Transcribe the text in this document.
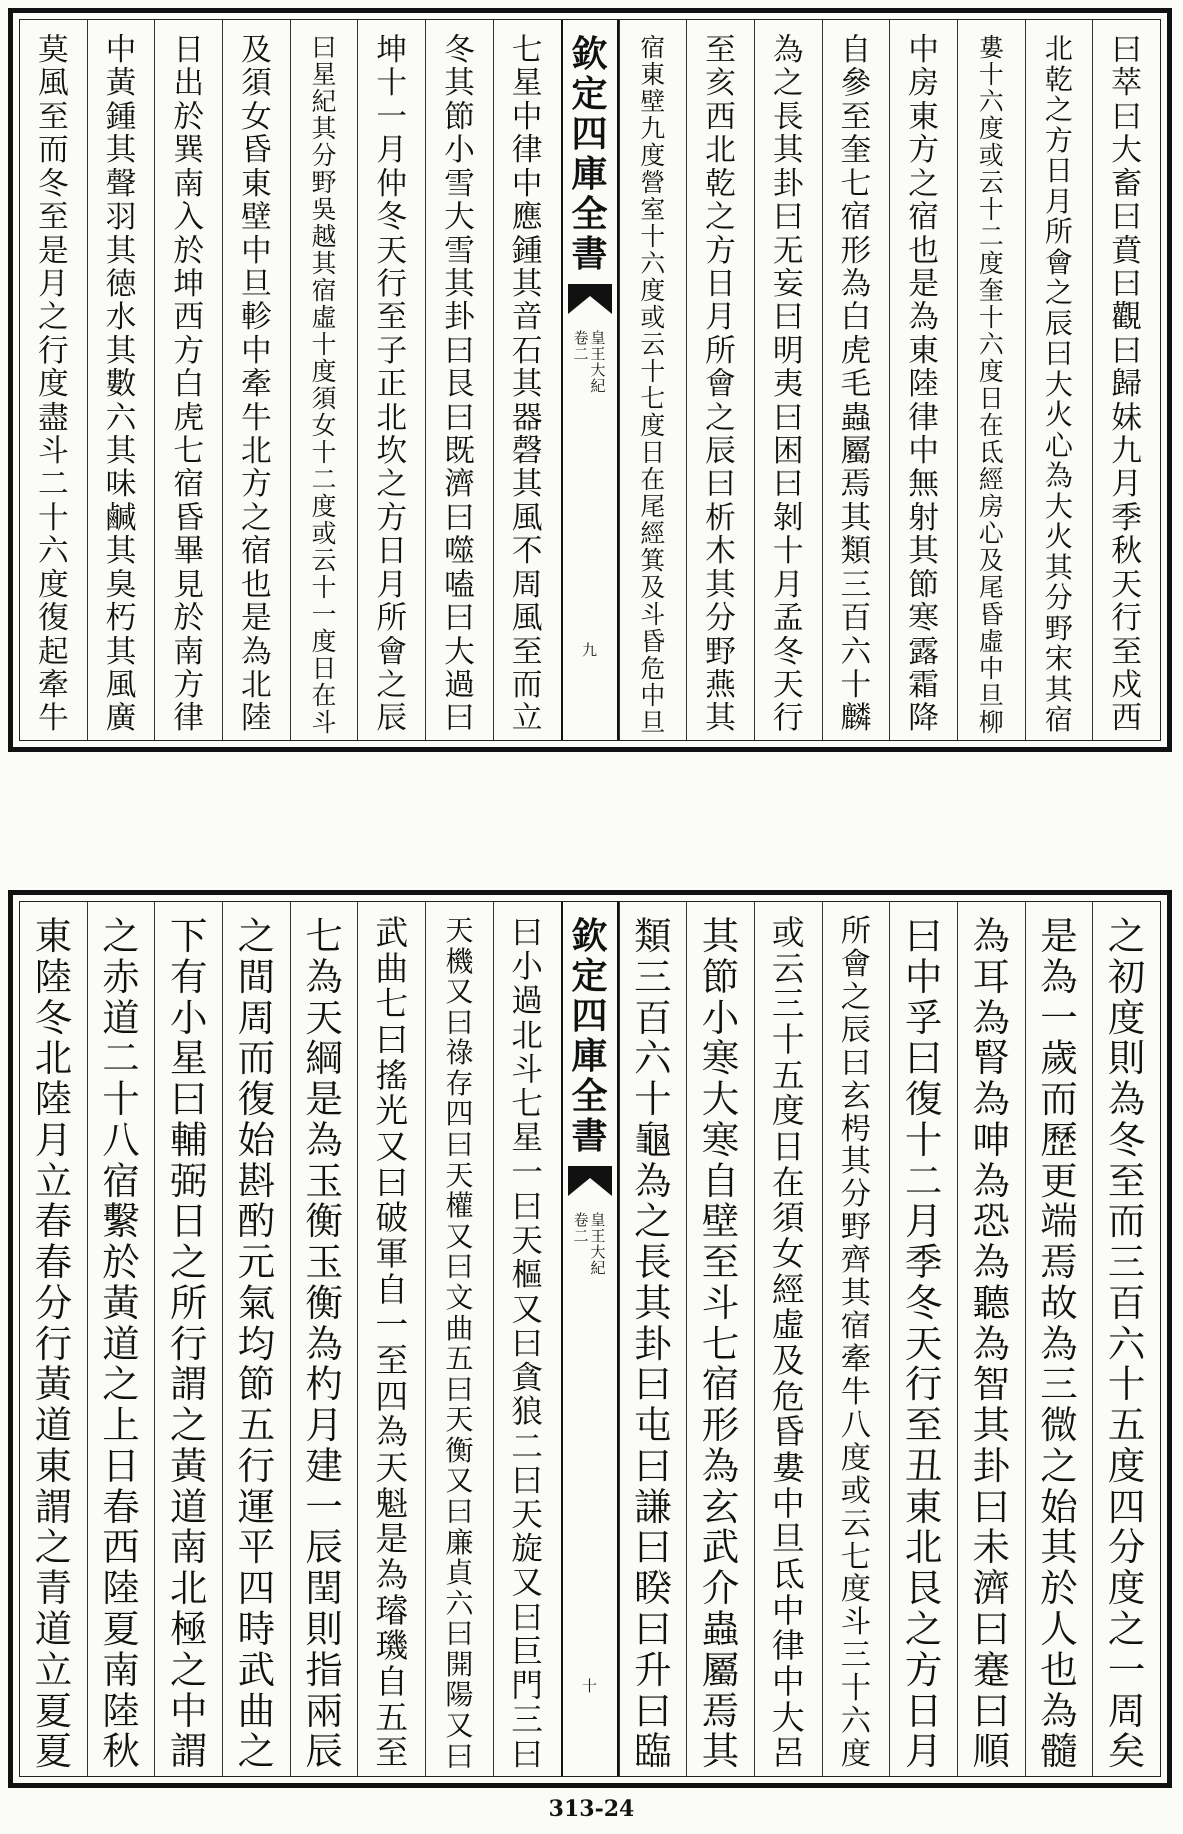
曰
萃
曰
大
畜
曰
賁
曰
觀
曰
歸
妹
九
月
季
秋
天
行
至
戍
西
北
乾
之
方
日
月
所
會
之
辰
曰
大
火
心
為
大
火
其
分
野
宋
其
宿
婁
十
六
度
或
云
十
二
度
奎
十
六
度
日
在
氐
經
房
心
及
尾
昏
虛
中
旦
柳
中
房
東
方
之
宿
也
是
為
東
陸
律
中
無
射
其
節
寒
露
霜
降
自
參
至
奎
七
宿
形
為
白
虎
毛
蟲
屬
焉
其
類
三
百
六
十
麟
為
之
長
其
卦
曰
无
妄
曰
明
夷
曰
困
曰
剝
十
月
孟
冬
天
行
至
亥
西
北
乾
之
方
日
月
所
會
之
辰
曰
析
木
其
分
野
燕
其
宿
東
壁
九
度
營
室
十
六
度
或
云
十
七
度
日
在
尾
經
箕
及
斗
昏
危
中
旦
欽
定
四
庫
全
書
皇
王
大
紀
卷
二
九
七
星
中
律
中
應
鍾
其
音
石
其
器
磬
其
風
不
周
風
至
而
立
冬
其
節
小
雪
大
雪
其
卦
曰
艮
曰
既
濟
曰
噬
嗑
曰
大
過
曰
坤
十
一
月
仲
冬
天
行
至
子
正
北
坎
之
方
日
月
所
會
之
辰
曰
星
紀
其
分
野
吳
越
其
宿
虛
十
度
須
女
十
二
度
或
云
十
一
度
日
在
斗
及
須
女
昏
東
壁
中
旦
軫
中
牽
牛
北
方
之
宿
也
是
為
北
陸
日
出
於
巽
南
入
於
坤
西
方
白
虎
七
宿
昏
畢
見
於
南
方
律
中
黃
鍾
其
聲
羽
其
徳
水
其
數
六
其
味
鹹
其
臭
朽
其
風
廣
莫
風
至
而
冬
至
是
月
之
行
度
盡
斗
二
十
六
度
復
起
牽
牛
之
初
度
則
為
冬
至
而
三
百
六
十
五
度
四
分
度
之
一
周
矣
是
為
一
歲
而
歷
更
端
焉
故
為
三
微
之
始
其
於
人
也
為
髓
為
耳
為
腎
為
呻
為
恐
為
聽
為
智
其
卦
曰
未
濟
曰
蹇
曰
順
曰
中
孚
曰
復
十
二
月
季
冬
天
行
至
丑
東
北
艮
之
方
日
月
所
會
之
辰
曰
玄
枵
其
分
野
齊
其
宿
牽
牛
八
度
或
云
七
度
斗
三
十
六
度
或
云
三
十
五
度
日
在
須
女
經
虛
及
危
昏
婁
中
旦
氐
中
律
中
大
呂
其
節
小
寒
大
寒
自
壁
至
斗
七
宿
形
為
玄
武
介
蟲
屬
焉
其
類
三
百
六
十
龜
為
之
長
其
卦
曰
屯
曰
謙
曰
睽
曰
升
曰
臨
欽
定
四
庫
全
書
皇
王
大
紀
卷
二
十
曰
小
過
北
斗
七
星
一
曰
天
樞
又
曰
貪
狼
二
曰
天
旋
又
曰
巨
門
三
曰
天
機
又
曰
祿
存
四
曰
天
權
又
曰
文
曲
五
曰
天
衡
又
曰
廉
貞
六
曰
開
陽
又
曰
武
曲
七
曰
搖
光
又
曰
破
軍
自
一
至
四
為
天
魁
是
為
璿
璣
自
五
至
七
為
天
綱
是
為
玉
衡
玉
衡
為
杓
月
建
一
辰
閏
則
指
兩
辰
之
間
周
而
復
始
斟
酌
元
氣
均
節
五
行
運
平
四
時
武
曲
之
下
有
小
星
曰
輔
弼
日
之
所
行
謂
之
黃
道
南
北
極
之
中
謂
之
赤
道
二
十
八
宿
繫
於
黃
道
之
上
日
春
西
陸
夏
南
陸
秋
東
陸
冬
北
陸
月
立
春
春
分
行
黃
道
東
謂
之
青
道
立
夏
夏
313-24
